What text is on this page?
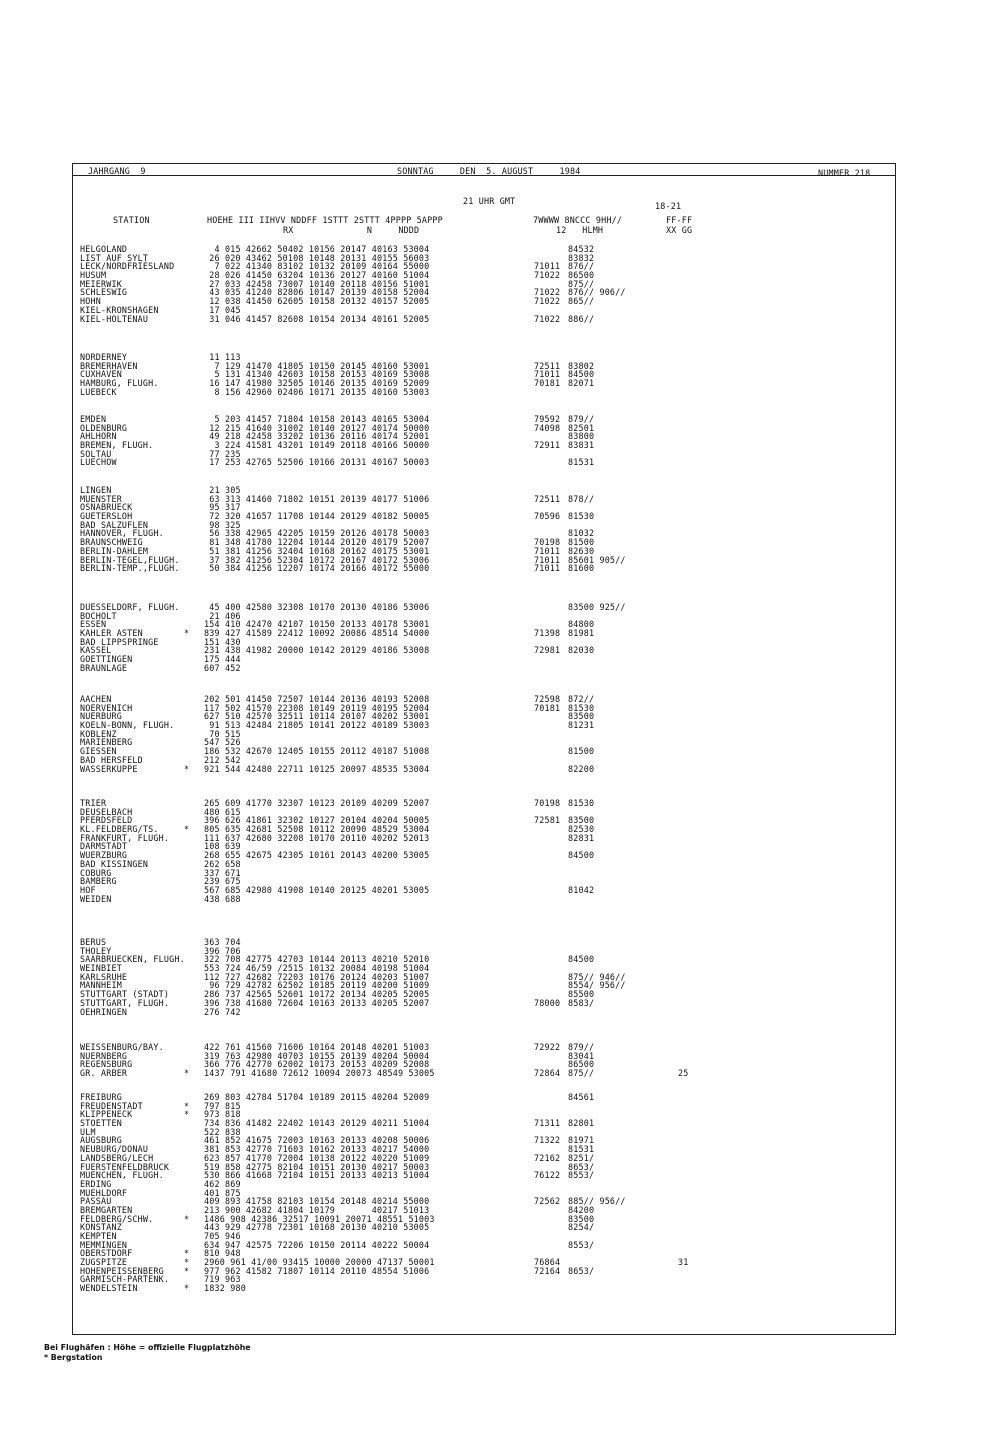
JAHRGANG  9	SONNTAG     DEN  5. AUGUST     1984	NUMMER 218
21 UHR GMT	18-21
STATION	HOEHE III IIHVV NDDFF 1STTT 2STTT 4PPPP 5APPP
RX              N     NDDD
7WWWW 8NCCC 9HH//
12   HLMH
FF-FF
XX GG
HELGOLAND	4 015 42662 50402 10156 20147 40163 53004	84532
LIST AUF SYLT	26 020 43462 50108 10148 20131 40155 56003	83832
LECK/NORDFRIESLAND	7 022 41340 83102 10132 20109 40164 55000	71011 876//
HUSUM	28 026 41450 63204 10136 20127 40160 51004	71022 86500
MEIERWIK	27 033 42458 73007 10140 20118 40156 51001	875//
SCHLESWIG	43 035 41240 82806 10147 20139 40158 52004	71022 876// 906//
HOHN	12 038 41450 62605 10158 20132 40157 52005	71022 865//
KIEL-KRONSHAGEN	17 045
KIEL-HOLTENAU	31 046 41457 82608 10154 20134 40161 52005	71022 886//
NORDERNEY	11 113
BREMERHAVEN	7 129 41470 41805 10150 20145 40160 53001	72511 83802
CUXHAVEN	5 131 41340 42603 10158 20153 40169 53008	71011 84500
HAMBURG, FLUGH.	16 147 41980 32505 10146 20135 40169 52009	70181 82071
LUEBECK	8 156 42960 02406 10171 20135 40160 53003
EMDEN	5 203 41457 71804 10158 20143 40165 53004	79592 879//
OLDENBURG	12 215 41640 31002 10140 20127 40174 50000	74098 82501
AHLHORN	49 218 42458 33202 10136 20116 40174 52001	83800
BREMEN, FLUGH.	3 224 41581 43201 10149 20118 40166 50000	72911 83831
SOLTAU	77 235
LUECHOW	17 253 42765 52506 10166 20131 40167 50003	81531
LINGEN	21 305
MUENSTER	63 313 41460 71802 10151 20139 40177 51006	72511 878//
OSNABRUECK	95 317
GUETERSLOH	72 320 41657 11708 10144 20129 40182 50005	70596 81530
BAD SALZUFLEN	98 325
HANNOVER, FLUGH.	56 338 42965 42205 10159 20126 40178 50003	81032
BRAUNSCHWEIG	81 348 41780 12204 10144 20120 40179 52007	70198 81500
BERLIN-DAHLEM	51 381 41256 32404 10168 20162 40175 53001	71011 82630
BERLIN-TEGEL,FLUGH.	37 382 41256 52304 10172 20167 40172 53006	71011 85601 905//
BERLIN-TEMP.,FLUGH.	50 384 41256 12207 10174 20166 40172 55000	71011 81600
DUESSELDORF, FLUGH.	45 400 42580 32308 10170 20130 40186 53006	83500 925//
BOCHOLT	21 406
ESSEN	154 410 42470 42107 10150 20133 40178 53001	84800
KAHLER ASTEN	* 839 427 41589 22412 10092 20086 48514 54000	71398 81981
BAD LIPPSPRINGE	151 430
KASSEL	231 438 41982 20000 10142 20129 40186 53008	72981 82030
GOETTINGEN	175 444
BRAUNLAGE	607 452
AACHEN	202 501 41450 72507 10144 20136 40193 52008	72598 872//
NOERVENICH	117 502 41570 22308 10149 20119 40195 52004	70181 81530
NUERBURG	627 510 42570 32511 10114 20107 40202 53001	83500
KOELN-BONN, FLUGH.	91 513 42484 21805 10141 20122 40189 53003	81231
KOBLENZ	70 515
MARIENBERG	547 526
GIESSEN	186 532 42670 12405 10155 20112 40187 51008	81500
BAD HERSFELD	212 542
WASSERKUPPE	* 921 544 42480 22711 10125 20097 48535 53004	82200
TRIER	265 609 41770 32307 10123 20109 40209 52007	70198 81530
DEUSELBACH	480 615
PFERDSFELD	396 626 41861 32302 10127 20104 40204 50005	72581 83500
KL.FELDBERG/TS.	* 805 635 42681 52508 10112 20090 48529 53004	82530
FRANKFURT, FLUGH.	111 637 42680 32208 10170 20110 40202 52013	82831
DARMSTADT	108 639
WUERZBURG	268 655 42675 42305 10161 20143 40200 53005	84500
BAD KISSINGEN	262 658
COBURG	337 671
BAMBERG	239 675
HOF	567 685 42980 41908 10140 20125 40201 53005	81042
WEIDEN	438 688
BERUS	363 704
THOLEY	396 706
SAARBRUECKEN, FLUGH. 322 708 42775 42703 10144 20113 40210 52010	84500
WEINBIET	553 724 46/59 /2515 10132 20084 40198 51004
KARLSRUHE	112 727 42682 72203 10176 20124 40203 51007	875// 946//
MANNHEIM	96 729 42782 62502 10185 20119 40200 51009	8554/ 956//
STUTTGART (STADT)	286 737 42565 52601 10172 20134 40205 52005	85500
STUTTGART, FLUGH.	396 738 41680 72604 10163 20133 40205 52007	78000 8583/
OEHRINGEN	276 742
WEISSENBURG/BAY.	422 761 41560 71606 10164 20148 40201 51003	72922 879//
NUERNBERG	319 763 42980 40703 10155 20139 40204 50004	83041
REGENSBURG	366 776 42770 62002 10173 20153 40209 52008	86500
GR. ARBER	* 1437 791 41680 72612 10094 20073 48549 53005	72864 875//	25
FREIBURG	269 803 42784 51704 10189 20115 40204 52009	84561
FREUDENSTADT	* 797 815
KLIPPENECK	* 973 818
STOETTEN	734 836 41482 22402 10143 20129 40211 51004	71311 82801
ULM	522 838
AUGSBURG	461 852 41675 72003 10163 20133 40208 50006	71322 81971
NEUBURG/DONAU	381 853 42770 71603 10162 20133 40217 54000	81531
LANDSBERG/LECH	623 857 41770 72004 10138 20122 40220 51009	72162 8251/
FUERSTENFELDBRUCK	519 858 42775 82104 10151 20130 40217 50003	8653/
MUENCHEN, FLUGH.	530 866 41668 72104 10151 20133 40213 51004	76122 8553/
ERDING	462 869
MUEHLDORF	401 875
PASSAU	409 893 41758 82103 10154 20148 40214 55000	72562 885// 956//
BREMGARTEN	213 900 42682 41804 10179       40217 51013	84200
FELDBERG/SCHW.	* 1486 908 42386 32517 10091 20071 48551 51003	83500
KONSTANZ	443 929 42778 72301 10168 20130 40210 53005	8254/
KEMPTEN	705 946
MEMMINGEN	634 947 42575 72206 10150 20114 40222 50004	8553/
OBERSTDORF	* 810 948
ZUGSPITZE	* 2960 961 41/00 93415 10000 20000 47137 50001	76864	31
HOHENPEISSENBERG * 977 962 41582 71807 10114 20110 48554 51006	72164 8653/
GARMISCH-PARTENK.	719 963
WENDELSTEIN	* 1832 980
Bei Flughäfen : Höhe = offizielle Flugplatzhöhe
* Bergstation
